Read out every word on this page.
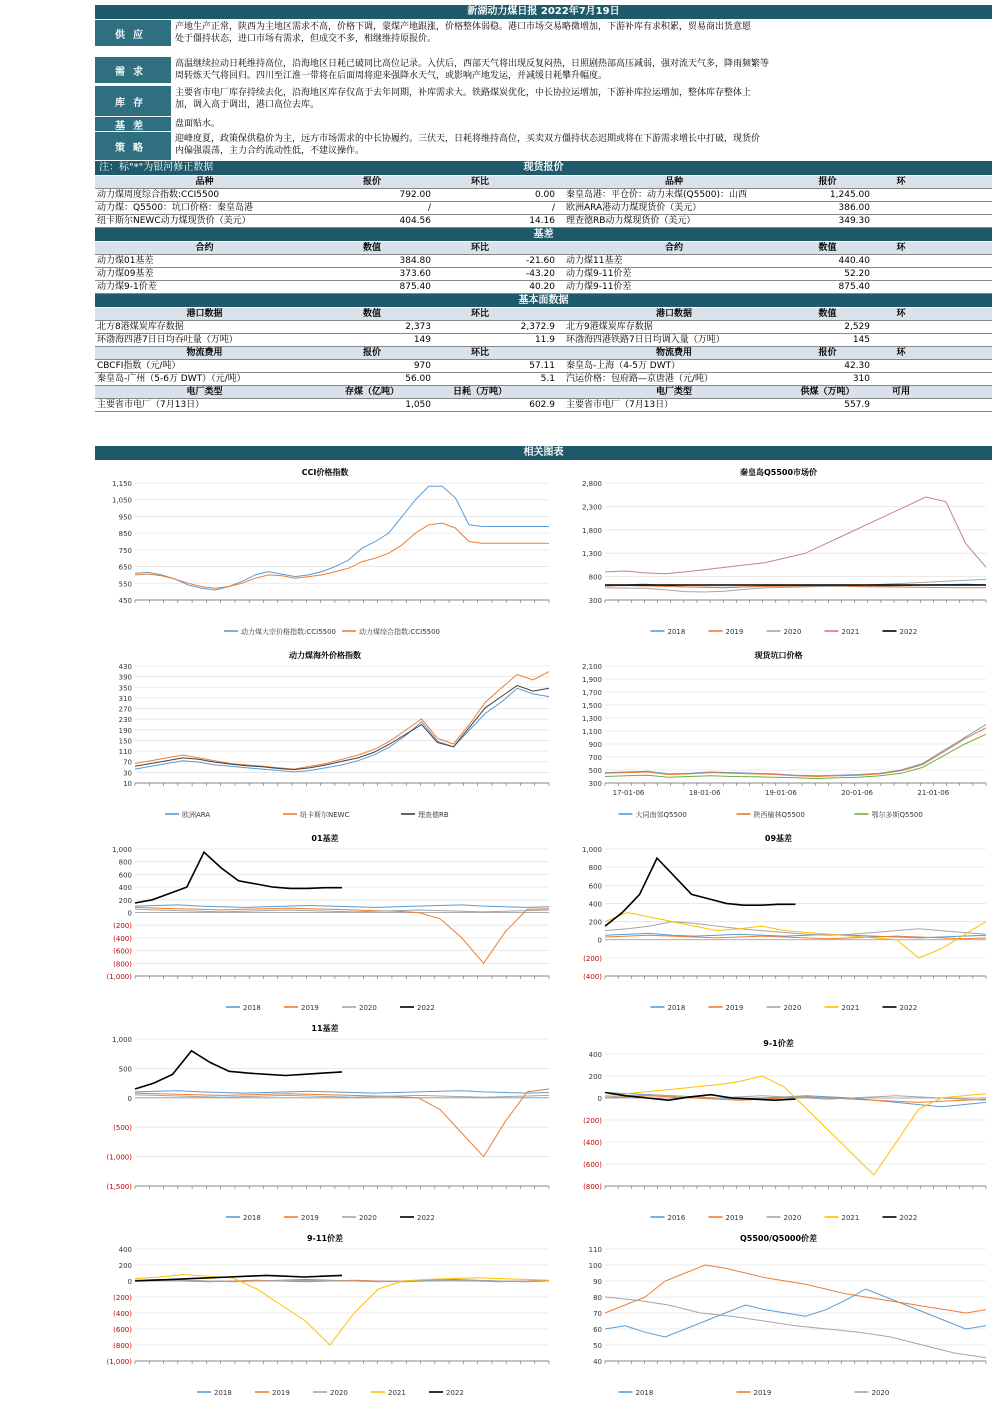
新湖动力煤日报 2022年7月19日
供应
产地生产正常，陕西为主地区需求不高，价格下调，蒙煤产地跟涨，价格整体弱稳。港口市场交易略微增加，下游补库有求积累，贸易商出货意愿
处于僵持状态，进口市场有需求，但成交不多，相继维持原报价。
需求
高温继续拉动日耗维持高位，沿海地区日耗已破同比高位记录。入伏后，西部天气将出现反复闷热，日照剧热部高压减弱，强对流天气多，降雨频繁等
周转炼天气将回归。四川至江淮一带将在后面周将迎来强降水天气，或影响产地发运，并减缓日耗攀升幅度。
库存
主要省市电厂库存持续去化，沿海地区库存仅高于去年同期，补库需求大。铁路煤炭优化，中长协拉运增加，下游补库拉运增加，整体库存整体上
加，调入高于调出，港口高位去库。
基差	盘面贴水。
策略
迎峰度夏，政策保供稳价为主，远方市场需求的中长协履约。三伏天，日耗将维持高位，买卖双方僵持状态迟期或将在下游需求增长中打破，现货价
内偏强震荡，主力合约流动性低，不建议操作。
注：标"*"为银河修正数据	现货报价
品种	报价	环比	品种	报价	环
动力煤周度综合指数:CCI5500	792.00	0.00 秦皇岛港：平仓价：动力末煤(Q5500)：山西	1,245.00
动力煤：Q5500：坑口价格：秦皇岛港	/	/ 欧洲ARA港动力煤现货价（美元）	386.00
纽卡斯尔NEWC动力煤现货价（美元）	404.56	14.16 理查德RB动力煤现货价（美元）	349.30
基差
合约	数值	环比	合约	数值	环
动力煤01基差	384.80	-21.60 动力煤11基差	440.40
动力煤09基差	373.60	-43.20 动力煤9-11价差	52.20
动力煤9-1价差	875.40	40.20 动力煤9-11价差	875.40
基本面数据
港口数据	数值	环比	港口数据	数值	环
北方8港煤炭库存数据	2,373	2,372.9 北方9港煤炭库存数据	2,529
环渤海四港7日日均吞吐量（万吨）	149	11.9 环渤海四港铁路7日日均调入量（万吨）	145
物流费用	报价	环比	物流费用	报价	环
CBCFI指数（元/吨）	970	57.11 秦皇岛-上海（4-5万 DWT）	42.30
秦皇岛-广州（5-6万 DWT）（元/吨）	56.00	5.1 汽运价格：包府路—京唐港（元/吨）	310
电厂类型	存煤（亿吨）	日耗（万吨）	电厂类型	供煤（万吨）	可用
主要省市电厂（7月13日）	1,050	602.9 主要省市电厂（7月13日）	557.9
相关图表
CCI价格指数
1,150
1,050
950
850
750
650
550
450
动力煤大宗价格指数:CCI5500	动力煤综合指数:CCI5500
秦皇岛Q5500市场价
2,800
2,300
1,800
1,300
800
300
2018	2019	2020	2021	2022
动力煤海外价格指数
430
390
350
310
270
230
190
150
110
70
30
10
欧洲ARA	纽卡斯尔NEWC	理查德RB
现货坑口价格
2,100
1,900
1,700
1,500
1,300
1,100
900
700
500
300
17-01-06	18-01-06	19-01-06	20-01-06	21-01-06
大同南郊Q5500	陕西榆林Q5500	鄂尔多斯Q5500
01基差
1,000
800
600
400
200
0
(200)
(400)
(600)
(800)
(1,000)
2018	2019	2020	2022
09基差
1,000
800
600
400
200
0
(200)
(400)
2018	2019	2020	2021	2022
11基差
1,000
500
0
(500)
(1,000)
(1,500)
2018	2019	2020	2022
9-1价差
400
200
0
(200)
(400)
(600)
(800)
2016	2019	2020	2021	2022
9-11价差
400
200
0
(200)
(400)
(600)
(800)
(1,000)
2018	2019	2020	2021	2022
Q5500/Q5000价差
110
100
90
80
70
60
50
40
2018	2019	2020
